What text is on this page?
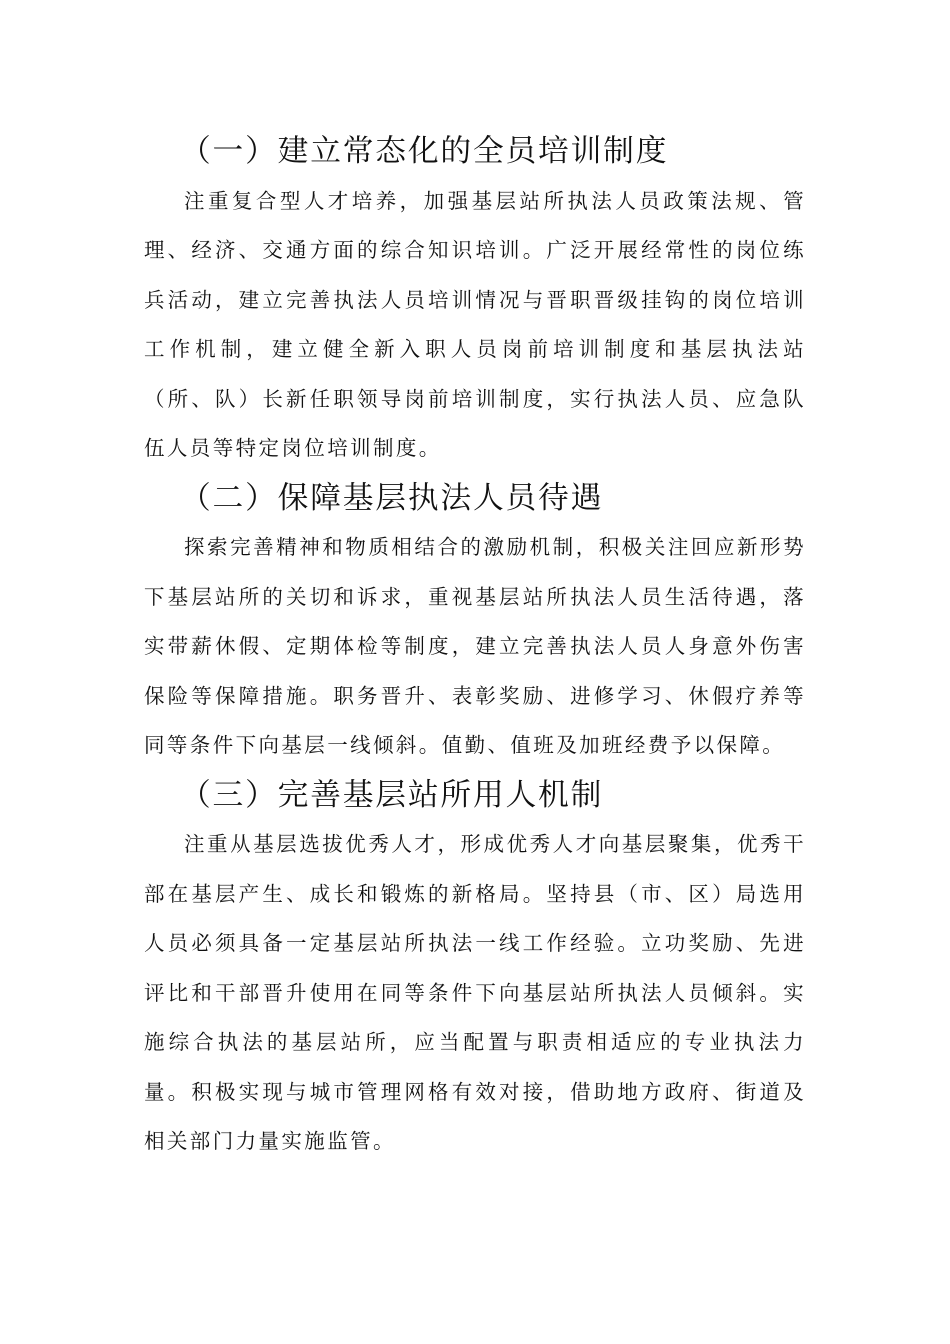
（一）建立常态化的全员培训制度

注重复合型人才培养，加强基层站所执法人员政策法规、管理、经济、交通方面的综合知识培训。广泛开展经常性的岗位练兵活动，建立完善执法人员培训情况与晋职晋级挂钩的岗位培训工作机制，建立健全新入职人员岗前培训制度和基层执法站（所、队）长新任职领导岗前培训制度，实行执法人员、应急队伍人员等特定岗位培训制度。

（二）保障基层执法人员待遇

探索完善精神和物质相结合的激励机制，积极关注回应新形势下基层站所的关切和诉求，重视基层站所执法人员生活待遇，落实带薪休假、定期体检等制度，建立完善执法人员人身意外伤害保险等保障措施。职务晋升、表彰奖励、进修学习、休假疗养等同等条件下向基层一线倾斜。值勤、值班及加班经费予以保障。

（三）完善基层站所用人机制

注重从基层选拔优秀人才，形成优秀人才向基层聚集，优秀干部在基层产生、成长和锻炼的新格局。坚持县（市、区）局选用人员必须具备一定基层站所执法一线工作经验。立功奖励、先进评比和干部晋升使用在同等条件下向基层站所执法人员倾斜。实施综合执法的基层站所，应当配置与职责相适应的专业执法力量。积极实现与城市管理网格有效对接，借助地方政府、街道及相关部门力量实施监管。
